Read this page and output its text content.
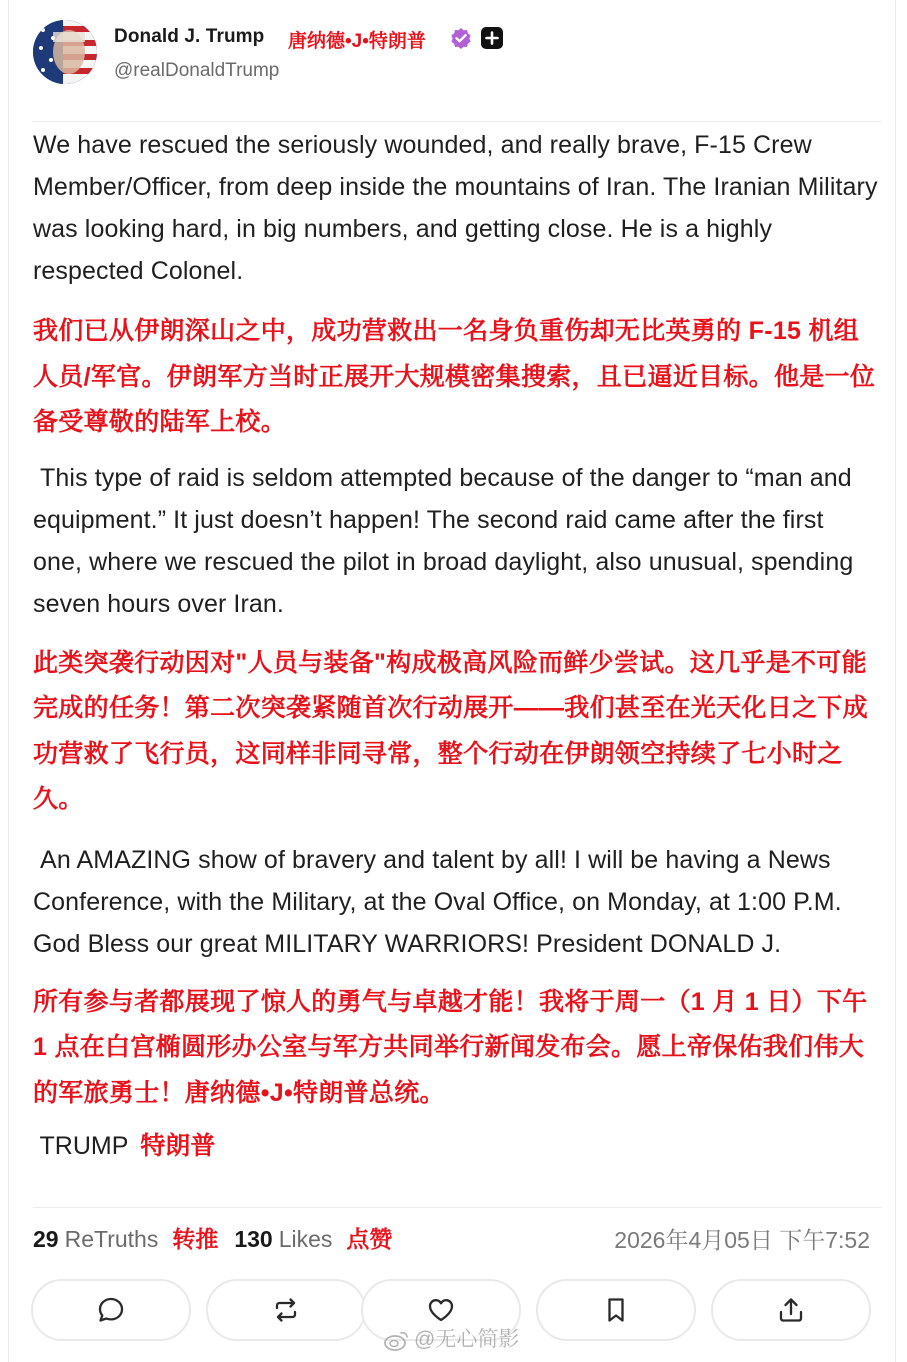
Donald J. Trump 唐纳德•J•特朗普
@realDonaldTrump

We have rescued the seriously wounded, and really brave, F-15 Crew Member/Officer, from deep inside the mountains of Iran. The Iranian Military was looking hard, in big numbers, and getting close. He is a highly respected Colonel.

我们已从伊朗深山之中，成功营救出一名身负重伤却无比英勇的 F-15 机组人员/军官。伊朗军方当时正展开大规模密集搜索，且已逼近目标。他是一位备受尊敬的陆军上校。

This type of raid is seldom attempted because of the danger to “man and equipment.” It just doesn’t happen! The second raid came after the first one, where we rescued the pilot in broad daylight, also unusual, spending seven hours over Iran.

此类突袭行动因对"人员与装备"构成极高风险而鲜少尝试。这几乎是不可能完成的任务！第二次突袭紧随首次行动展开——我们甚至在光天化日之下成功营救了飞行员，这同样非同寻常，整个行动在伊朗领空持续了七小时之久。

An AMAZING show of bravery and talent by all! I will be having a News Conference, with the Military, at the Oval Office, on Monday, at 1:00 P.M. God Bless our great MILITARY WARRIORS! President DONALD J.

所有参与者都展现了惊人的勇气与卓越才能！我将于周一（1 月 1 日）下午 1 点在白宫椭圆形办公室与军方共同举行新闻发布会。愿上帝保佑我们伟大的军旅勇士！唐纳德•J•特朗普总统。

TRUMP 特朗普
29 ReTruths 转推 130 Likes 点赞	2026年4月05日 下午7:52
@无心简影
